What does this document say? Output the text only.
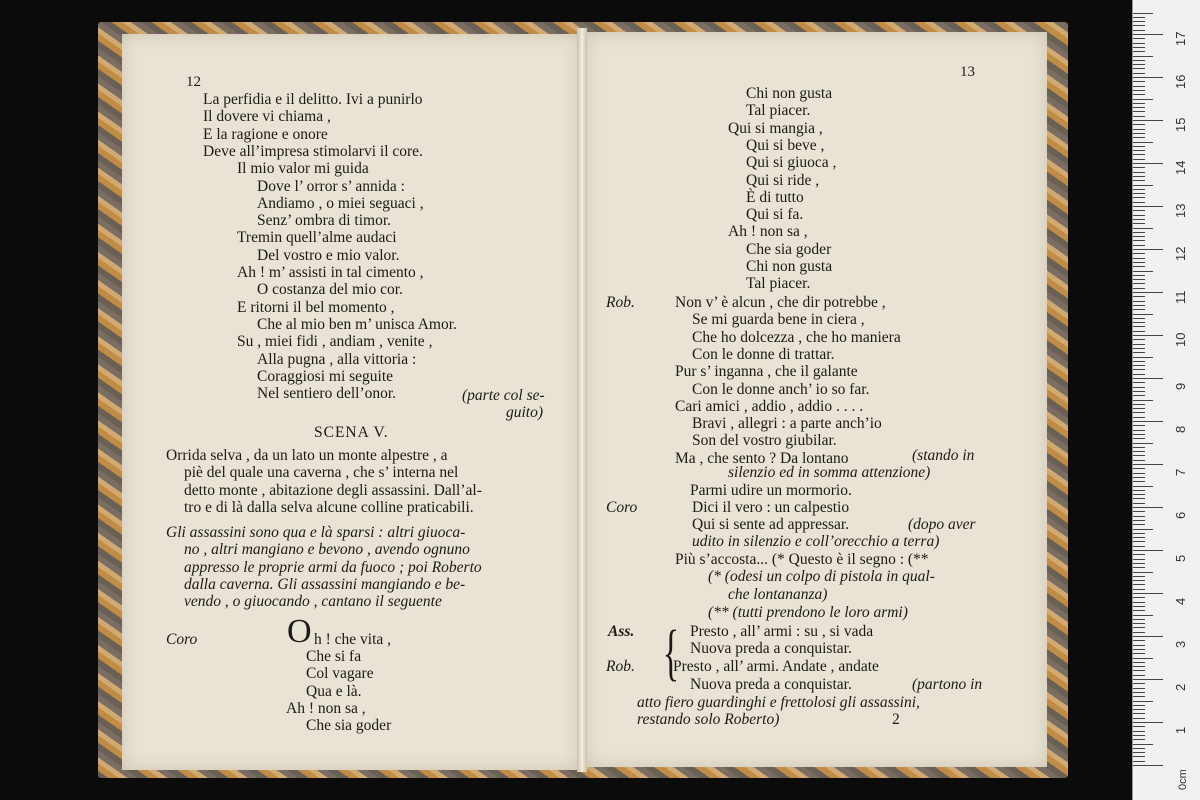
12
La perfidia e il delitto. Ivi a punirlo
Il dovere vi chiama ,
E la ragione e onore
Deve all’impresa stimolarvi il core.
Il mio valor mi guida
Dove l’ orror s’ annida :
Andiamo , o miei seguaci ,
Senz’ ombra di timor.
Tremin quell’alme audaci
Del vostro e mio valor.
Ah ! m’ assisti in tal cimento ,
O costanza del mio cor.
E ritorni il bel momento ,
Che al mio ben m’ unisca Amor.
Su , miei fidi , andiam , venite ,
Alla pugna , alla vittoria :
Coraggiosi mi seguite
Nel sentiero dell’onor.	(parte col se-
guito)
SCENA V.
Orrida selva , da un lato un monte alpestre , a
piè del quale una caverna , che s’ interna nel
detto monte , abitazione degli assassini. Dall’al-
tro e di là dalla selva alcune colline praticabili.
Gli assassini sono qua e là sparsi : altri giuoca-
no , altri mangiano e bevono , avendo ognuno
appresso le proprie armi da fuoco ; poi Roberto
dalla caverna. Gli assassini mangiando e be-
vendo , o giuocando , cantano il seguente
Coro	O h ! che vita ,
Che si fa
Col vagare
Qua e là.
Ah ! non sa ,
Che sia goder
13
Chi non gusta
Tal piacer.
Qui si mangia ,
Qui si beve ,
Qui si giuoca ,
Qui si ride ,
È di tutto
Qui si fa.
Ah ! non sa ,
Che sia goder
Chi non gusta
Tal piacer.
Rob.	Non v’ è alcun , che dir potrebbe ,
Se mi guarda bene in ciera ,
Che ho dolcezza , che ho maniera
Con le donne di trattar.
Pur s’ inganna , che il galante
Con le donne anch’ io so far.
Cari amici , addio , addio . . . .
Bravi , allegri : a parte anch’io
Son del vostro giubilar.
Ma , che sento ? Da lontano	(stando in
silenzio ed in somma attenzione)
Parmi udire un mormorio.
Coro	Dici il vero : un calpestio
Qui si sente ad appressar.	(dopo aver
udito in silenzio e coll’orecchio a terra)
Più s’accosta... (* Questo è il segno : (**
(* (odesi un colpo di pistola in qual-
che lontananza)
(** (tutti prendono le loro armi)
Ass. { Presto , all’ armi : su , si vada
Nuova preda a conquistar.
Rob. Presto , all’ armi. Andate , andate
Nuova preda a conquistar.	(partono in
atto fiero guardinghi e frettolosi gli assassini,
restando solo Roberto)	2
17
16
15
14
13
12
11
10
9
8
7
6
5
4
3
2
1
0cm
